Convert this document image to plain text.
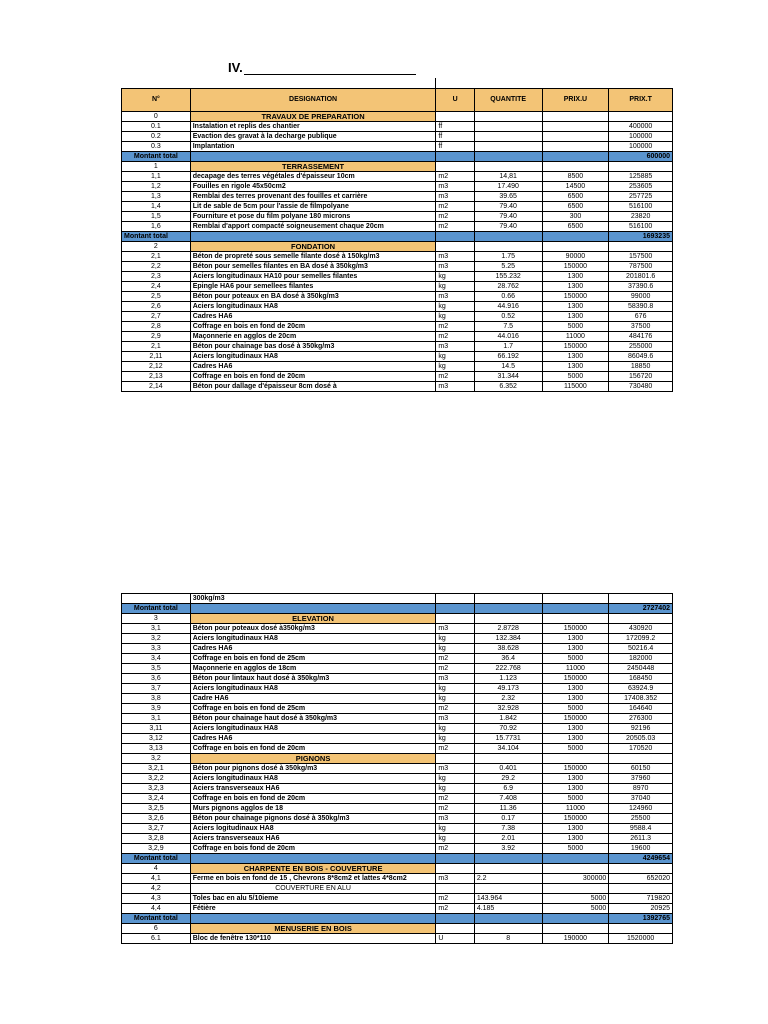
IV.
N°	DESIGNATION	U	QUANTITE	PRIX.U	PRIX.T
0	TRAVAUX DE PREPARATION				
0.1	Instalation et replis des chantier	ff			400000
0.2	Evaction des gravat à la decharge publique	ff			100000
0.3	Implantation	ff			100000
Montant total					600000
1	TERRASSEMENT				
1,1	decapage des terres végétales d'épaisseur 10cm	m2	14,81	8500	125885
1,2	Fouilles en rigole 45x50cm2	m3	17.490	14500	253605
1,3	Remblai des terres provenant des fouilles et carrière	m3	39.65	6500	257725
1,4	Lit de sable de 5cm pour l'assie de filmpolyane	m2	79.40	6500	516100
1,5	Fourniture et pose du film polyane 180 microns	m2	79.40	300	23820
1,6	Remblai d'apport compacté soigneusement chaque 20cm	m2	79.40	6500	516100
Montant total					1693235
2	FONDATION				
2,1	Béton de propreté sous semelle filante dosé à 150kg/m3	m3	1.75	90000	157500
2,2	Béton pour semelles filantes en BA dosé à 350kg/m3	m3	5.25	150000	787500
2,3	Aciers longitudinaux HA10 pour semelles filantes	kg	155.232	1300	201801.6
2,4	Epingle HA6 pour semellees filantes	kg	28.762	1300	37390.6
2,5	Béton pour poteaux en BA dosé à 350kg/m3	m3	0.66	150000	99000
2,6	Aciers longitudinaux HA8	kg	44.916	1300	58390.8
2,7	Cadres HA6	kg	0.52	1300	676
2,8	Coffrage en bois en fond de 20cm	m2	7.5	5000	37500
2,9	Maçonnerie en agglos de 20cm	m2	44.016	11000	484176
2,1	Béton pour chainage bas dosé à 350kg/m3	m3	1.7	150000	255000
2,11	Aciers longitudinaux HA8	kg	66.192	1300	86049.6
2,12	Cadres HA6	kg	14.5	1300	18850
2,13	Coffrage en bois en fond de 20cm	m2	31.344	5000	156720
2,14	Béton pour dallage d'épaisseur 8cm dosé à	m3	6.352	115000	730480
	300kg/m3				
Montant total					2727402
3	ELEVATION				
3,1	Béton pour poteaux dosé à350kg/m3	m3	2.8728	150000	430920
3,2	Aciers longitudinaux HA8	kg	132.384	1300	172099.2
3,3	Cadres HA6	kg	38.628	1300	50216.4
3,4	Coffrage en bois en fond de 25cm	m2	36.4	5000	182000
3,5	Maçonnerie en agglos de 18cm	m2	222.768	11000	2450448
3,6	Béton pour lintaux haut dosé à 350kg/m3	m3	1.123	150000	168450
3,7	Aciers longitudinaux HA8	kg	49.173	1300	63924.9
3,8	Cadre HA6	kg	2.32	1300	17408.352
3,9	Coffrage en bois en fond de 25cm	m2	32.928	5000	164640
3,1	Béton pour chainage haut dosé à 350kg/m3	m3	1.842	150000	276300
3,11	Aciers longitudinaux HA8	kg	70.92	1300	92196
3,12	Cadres HA6	kg	15.7731	1300	20505.03
3,13	Coffrage en bois en fond de 20cm	m2	34.104	5000	170520
3,2	PIGNONS				
3,2,1	Béton pour pignons dosé à 350kg/m3	m3	0.401	150000	60150
3,2,2	Aciers longitudinaux HA8	kg	29.2	1300	37960
3,2,3	Aciers transverseaux HA6	kg	6.9	1300	8970
3,2,4	Coffrage en bois en fond de 20cm	m2	7.408	5000	37040
3,2,5	Murs pignons agglos de 18	m2	11.36	11000	124960
3,2,6	Béton pour chainage pignons dosé à 350kg/m3	m3	0.17	150000	25500
3,2,7	Aciers logitudinaux HA8	kg	7.38	1300	9588.4
3,2,8	Aciers transverseaux HA6	kg	2.01	1300	2611.3
3,2,9	Coffrage en bois fond de 20cm	m2	3.92	5000	19600
Montant total					4249654
4	CHARPENTE EN BOIS - COUVERTURE				
4,1	Ferme en bois en fond de 15 , Chevrons 8*8cm2 et lattes 4*8cm2	m3	2.2	300000	652020
4,2	COUVERTURE EN ALU				
4,3	Toles bac en alu 5/10ieme	m2	143.964	5000	719820
4,4	Fétière	m2	4.185	5000	20925
Montant total					1392765
6	MENUSERIE EN BOIS				
6.1	Bloc de fenêtre 130*110	U	8	190000	1520000
